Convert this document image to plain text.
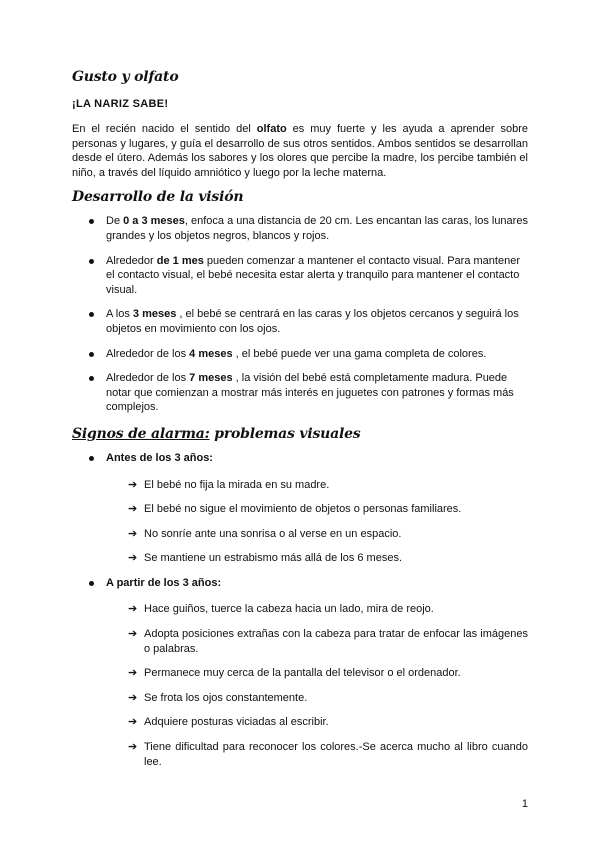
Gusto y olfato
¡LA NARIZ SABE!

En el recién nacido el sentido del olfato es muy fuerte y les ayuda a aprender sobre personas y lugares, y guía el desarrollo de sus otros sentidos. Ambos sentidos se desarrollan desde el útero. Además los sabores y los olores que percibe la madre, los percibe también el niño, a través del líquido amniótico y luego por la leche materna.

Desarrollo de la visión
De 0 a 3 meses, enfoca a una distancia de 20 cm. Les encantan las caras, los lunares grandes y los objetos negros, blancos y rojos.
Alrededor de 1 mes pueden comenzar a mantener el contacto visual. Para mantener el contacto visual, el bebé necesita estar alerta y tranquilo para mantener el contacto visual.
A los 3 meses , el bebé se centrará en las caras y los objetos cercanos y seguirá los objetos en movimiento con los ojos.
Alrededor de los 4 meses , el bebé puede ver una gama completa de colores.
Alrededor de los 7 meses , la visión del bebé está completamente madura. Puede notar que comienzan a mostrar más interés en juguetes con patrones y formas más complejos.
Signos de alarma: problemas visuales
Antes de los 3 años:
➔ El bebé no fija la mirada en su madre.
➔ El bebé no sigue el movimiento de objetos o personas familiares.
➔ No sonríe ante una sonrisa o al verse en un espacio.
➔ Se mantiene un estrabismo más allá de los 6 meses.
A partir de los 3 años:
➔ Hace guiños, tuerce la cabeza hacia un lado, mira de reojo.
➔ Adopta posiciones extrañas con la cabeza para tratar de enfocar las imágenes o palabras.
➔ Permanece muy cerca de la pantalla del televisor o el ordenador.
➔ Se frota los ojos constantemente.
➔ Adquiere posturas viciadas al escribir.
➔ Tiene dificultad para reconocer los colores.-Se acerca mucho al libro cuando lee.
1
